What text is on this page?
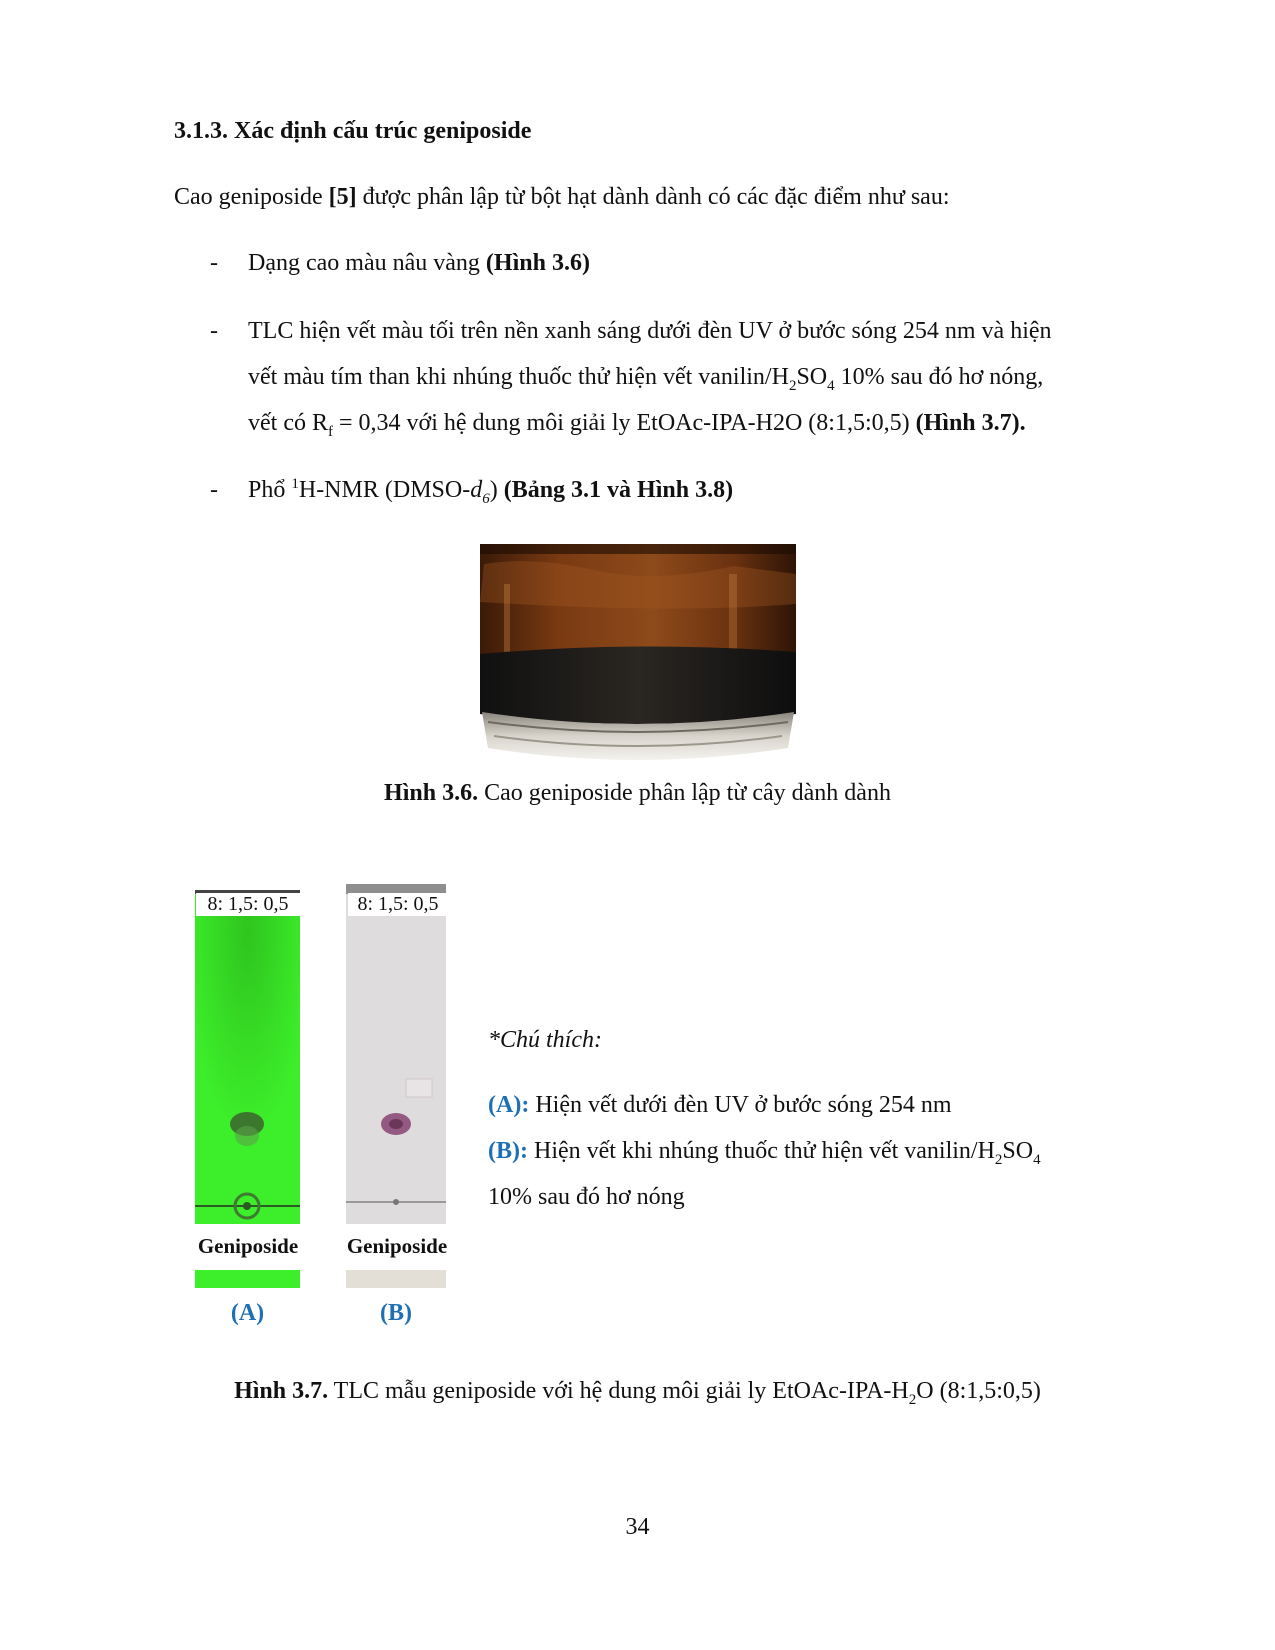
3.1.3. Xác định cấu trúc geniposide
Cao geniposide [5] được phân lập từ bột hạt dành dành có các đặc điểm như sau:
- Dạng cao màu nâu vàng (Hình 3.6)
- TLC hiện vết màu tối trên nền xanh sáng dưới đèn UV ở bước sóng 254 nm và hiện
vết màu tím than khi nhúng thuốc thử hiện vết vanilin/$H_2SO_4$ 10% sau đó hơ nóng,
vết có $R_f = 0,34$ với hệ dung môi giải ly EtOAc-IPA-H2O (8:1,5:0,5) (Hình 3.7).
- Phổ $^1$H-NMR $(DMSO-d_6)$ (Bảng 3.1 và Hình 3.8)
Hình 3.6. Cao geniposide phân lập từ cây dành dành
8: 1,5: 0,5
Geniposide
(A)
8: 1,5: 0,5
Geniposide
(B)
*Chú thích:
(A): Hiện vết dưới đèn UV ở bước sóng 254 nm
(B): Hiện vết khi nhúng thuốc thử hiện vết vanilin/$H_2SO_4$
10% sau đó hơ nóng
Hình 3.7. TLC mẫu geniposide với hệ dung môi giải ly EtOAc-$IPA-H_2O$ (8:1,5:0,5)
34
